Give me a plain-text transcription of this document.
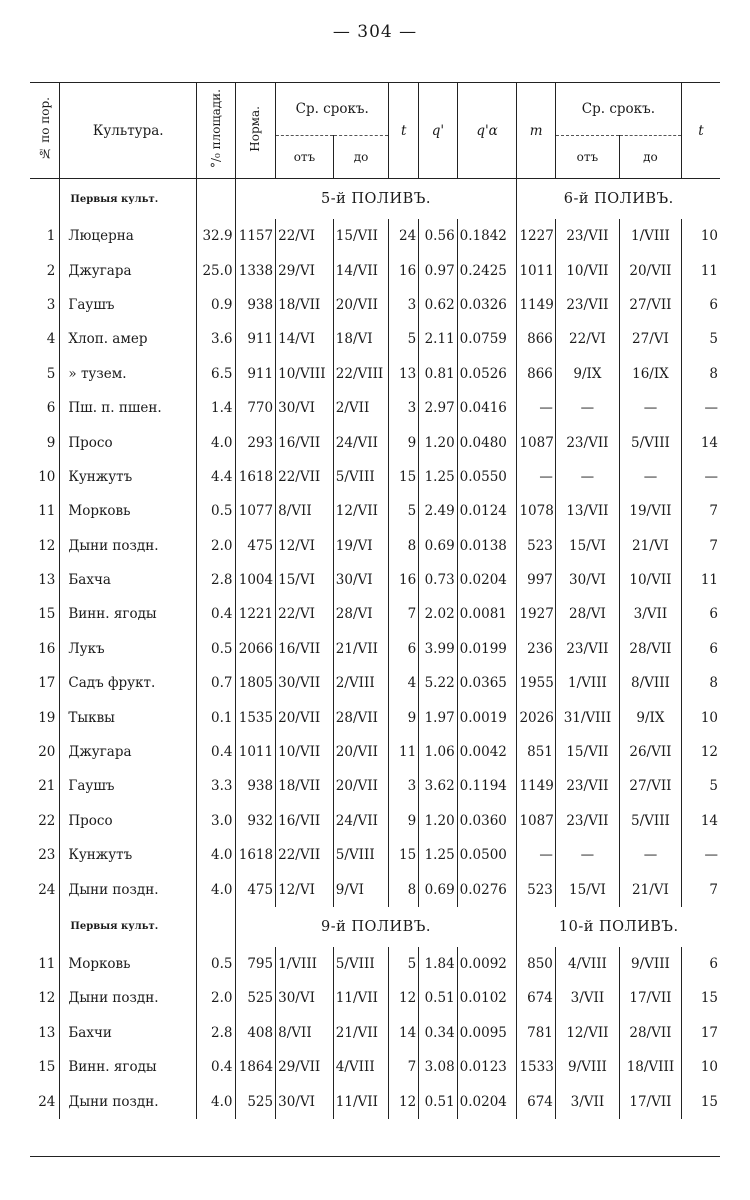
— 304 —
№ по пор.	Культура.	°/₀ площади.	Норма.	Ср. срокъ.		t	q'	q'α	m	Ср. срокъ.		t
				отъ	до					отъ	до	
	Первыя культ.		5-й ПОЛИВЪ.						6-й ПОЛИВЪ.			
1	Люцерна	32.9	1157	22/VI	15/VII	24	0.56	0.1842	1227	23/VII	1/VIII	10
2	Джугара	25.0	1338	29/VI	14/VII	16	0.97	0.2425	1011	10/VII	20/VII	11
3	Гаушъ	0.9	938	18/VII	20/VII	3	0.62	0.0326	1149	23/VII	27/VII	6
4	Хлоп. амер	3.6	911	14/VI	18/VI	5	2.11	0.0759	866	22/VI	27/VI	5
5	» тузем.	6.5	911	10/VIII	22/VIII	13	0.81	0.0526	866	9/IX	16/IX	8
6	Пш. п. пшен.	1.4	770	30/VI	2/VII	3	2.97	0.0416	—	—	—	—
9	Просо	4.0	293	16/VII	24/VII	9	1.20	0.0480	1087	23/VII	5/VIII	14
10	Кунжутъ	4.4	1618	22/VII	5/VIII	15	1.25	0.0550	—	—	—	—
11	Морковь	0.5	1077	8/VII	12/VII	5	2.49	0.0124	1078	13/VII	19/VII	7
12	Дыни поздн.	2.0	475	12/VI	19/VI	8	0.69	0.0138	523	15/VI	21/VI	7
13	Бахча	2.8	1004	15/VI	30/VI	16	0.73	0.0204	997	30/VI	10/VII	11
15	Винн. ягоды	0.4	1221	22/VI	28/VI	7	2.02	0.0081	1927	28/VI	3/VII	6
16	Лукъ	0.5	2066	16/VII	21/VII	6	3.99	0.0199	236	23/VII	28/VII	6
17	Садъ фрукт.	0.7	1805	30/VII	2/VIII	4	5.22	0.0365	1955	1/VIII	8/VIII	8
19	Тыквы	0.1	1535	20/VII	28/VII	9	1.97	0.0019	2026	31/VIII	9/IX	10
20	Джугара	0.4	1011	10/VII	20/VII	11	1.06	0.0042	851	15/VII	26/VII	12
21	Гаушъ	3.3	938	18/VII	20/VII	3	3.62	0.1194	1149	23/VII	27/VII	5
22	Просо	3.0	932	16/VII	24/VII	9	1.20	0.0360	1087	23/VII	5/VIII	14
23	Кунжутъ	4.0	1618	22/VII	5/VIII	15	1.25	0.0500	—	—	—	—
24	Дыни поздн.	4.0	475	12/VI	9/VI	8	0.69	0.0276	523	15/VI	21/VI	7
	Первыя культ.		9-й ПОЛИВЪ.						10-й ПОЛИВЪ.			
11	Морковь	0.5	795	1/VIII	5/VIII	5	1.84	0.0092	850	4/VIII	9/VIII	6
12	Дыни поздн.	2.0	525	30/VI	11/VII	12	0.51	0.0102	674	3/VII	17/VII	15
13	Бахчи	2.8	408	8/VII	21/VII	14	0.34	0.0095	781	12/VII	28/VII	17
15	Винн. ягоды	0.4	1864	29/VII	4/VIII	7	3.08	0.0123	1533	9/VIII	18/VIII	10
24	Дыни поздн.	4.0	525	30/VI	11/VII	12	0.51	0.0204	674	3/VII	17/VII	15
